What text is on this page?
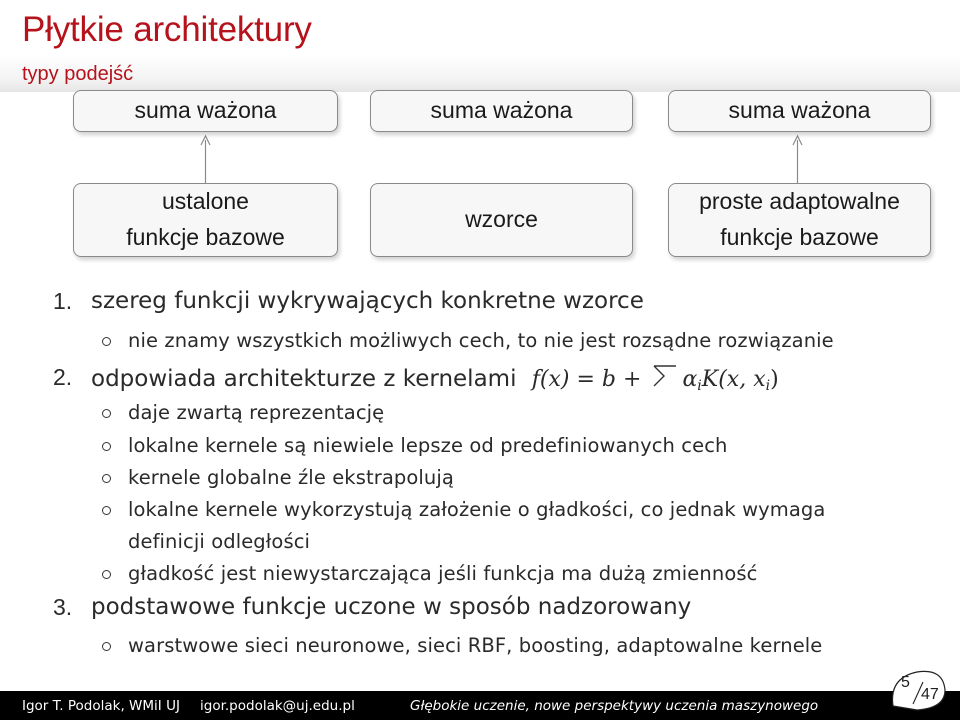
Płytkie architektury
typy podejść
suma ważona	suma ważona	suma ważona
ustalone
funkcje bazowe
wzorce
proste adaptowalne
funkcje bazowe
1. szereg funkcji wykrywających konkretne wzorce
nie znamy wszystkich możliwych cech, to nie jest rozsądne rozwiązanie
2. odpowiada architekturze z kernelami $f(x) = b + \alpha_iK(x$, $x_i$)
daje zwartą reprezentację
lokalne kernele są niewiele lepsze od predefiniowanych cech
kernele globalne źle ekstrapolują
lokalne kernele wykorzystują założenie o gładkości, co jednak wymaga
definicji odległości
gładkość jest niewystarczająca jeśli funkcja ma dużą zmienność
3. podstawowe funkcje uczone w sposób nadzorowany
warstwowe sieci neuronowe, sieci RBF, boosting, adaptowalne kernele
Igor T. Podolak, WMiI UJ igor.podolak@uj.edu.pl	Głębokie uczenie, nowe perspektywy uczenia maszynowego
5
47
